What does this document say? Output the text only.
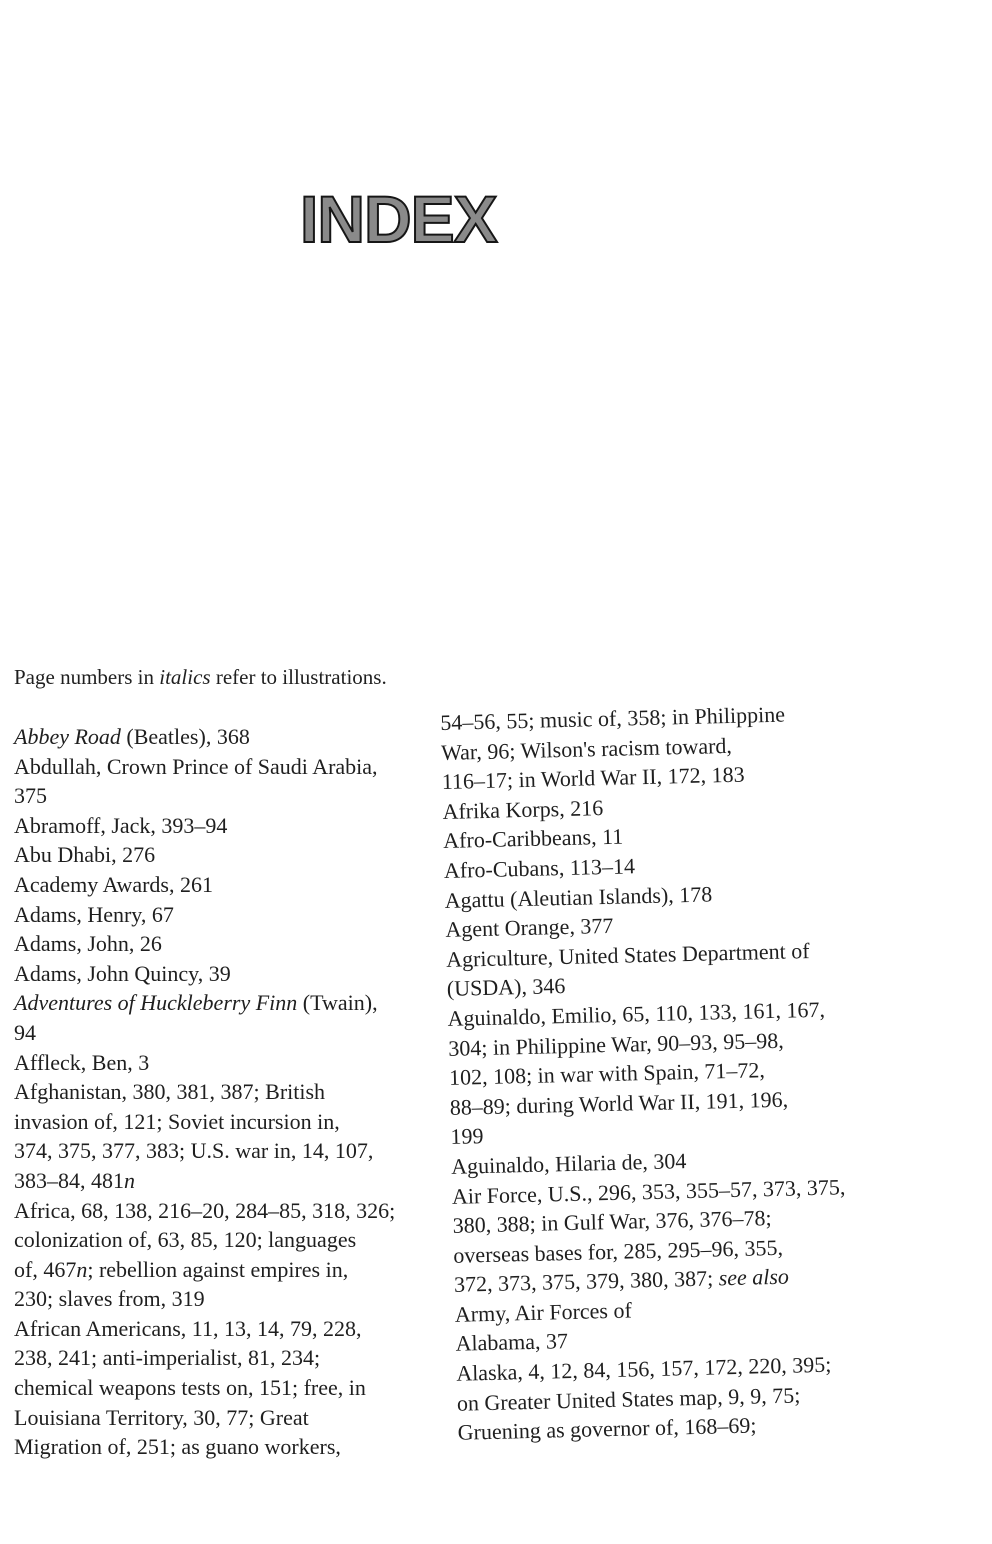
INDEX
Page numbers in italics refer to illustrations.
Abbey Road (Beatles), 368
Abdullah, Crown Prince of Saudi Arabia,
375
Abramoff, Jack, 393–94
Abu Dhabi, 276
Academy Awards, 261
Adams, Henry, 67
Adams, John, 26
Adams, John Quincy, 39
Adventures of Huckleberry Finn (Twain),
94
Affleck, Ben, 3
Afghanistan, 380, 381, 387; British
invasion of, 121; Soviet incursion in,
374, 375, 377, 383; U.S. war in, 14, 107,
383–84, 481n
Africa, 68, 138, 216–20, 284–85, 318, 326;
colonization of, 63, 85, 120; languages
of, 467n; rebellion against empires in,
230; slaves from, 319
African Americans, 11, 13, 14, 79, 228,
238, 241; anti-imperialist, 81, 234;
chemical weapons tests on, 151; free, in
Louisiana Territory, 30, 77; Great
Migration of, 251; as guano workers,
54–56, 55; music of, 358; in Philippine
War, 96; Wilson's racism toward,
116–17; in World War II, 172, 183
Afrika Korps, 216
Afro-Caribbeans, 11
Afro-Cubans, 113–14
Agattu (Aleutian Islands), 178
Agent Orange, 377
Agriculture, United States Department of
(USDA), 346
Aguinaldo, Emilio, 65, 110, 133, 161, 167,
304; in Philippine War, 90–93, 95–98,
102, 108; in war with Spain, 71–72,
88–89; during World War II, 191, 196,
199
Aguinaldo, Hilaria de, 304
Air Force, U.S., 296, 353, 355–57, 373, 375,
380, 388; in Gulf War, 376, 376–78;
overseas bases for, 285, 295–96, 355,
372, 373, 375, 379, 380, 387; see also
Army, Air Forces of
Alabama, 37
Alaska, 4, 12, 84, 156, 157, 172, 220, 395;
on Greater United States map, 9, 9, 75;
Gruening as governor of, 168–69;
